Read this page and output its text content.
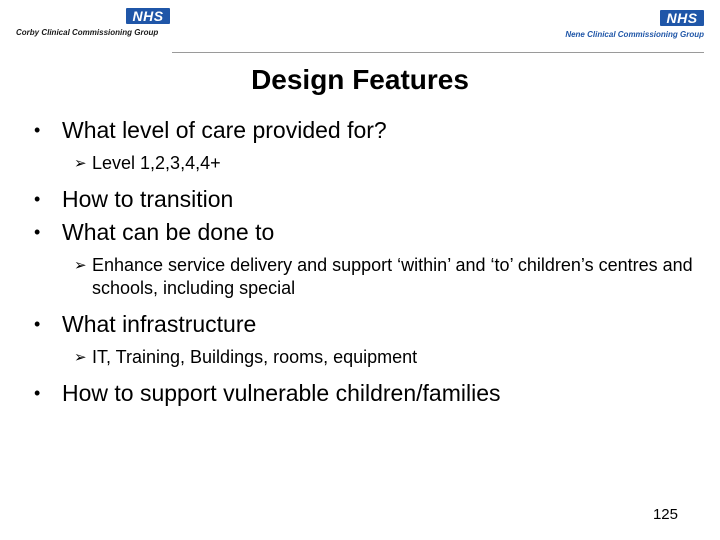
NHS
Corby Clinical Commissioning Group
NHS
Nene Clinical Commissioning Group
Design Features
• What level of care provided for?
➢ Level 1,2,3,4,4+
• How to transition
• What can be done to
➢ Enhance service delivery and support ‘within’ and ‘to’ children’s centres and schools, including special
• What infrastructure
➢ IT, Training, Buildings, rooms, equipment
• How to support vulnerable children/families
125
